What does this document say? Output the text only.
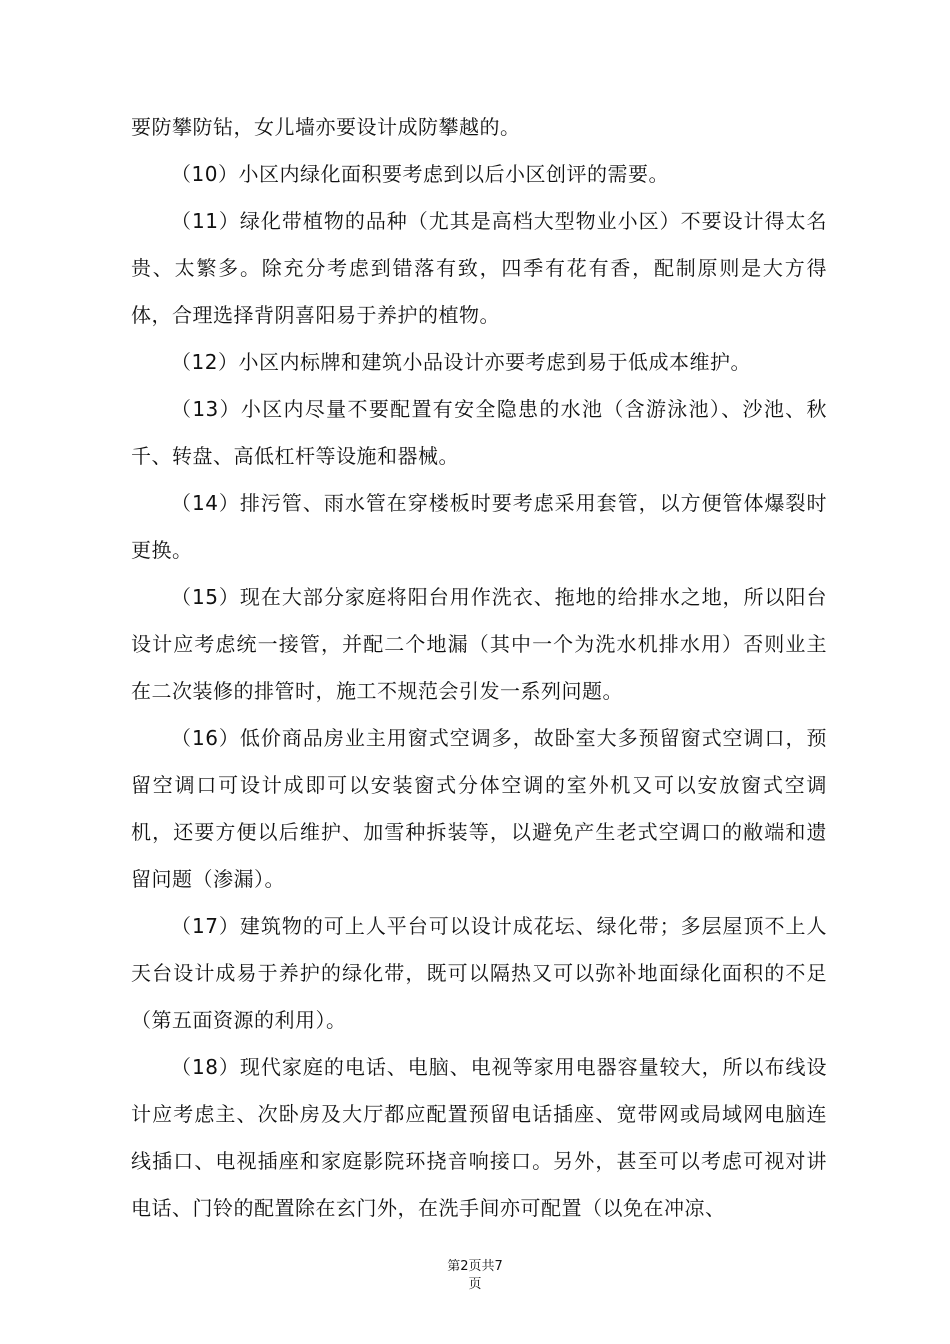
要防攀防钻，女儿墙亦要设计成防攀越的。

（10）小区内绿化面积要考虑到以后小区创评的需要。

（11）绿化带植物的品种（尤其是高档大型物业小区）不要设计得太名贵、太繁多。除充分考虑到错落有致，四季有花有香，配制原则是大方得体，合理选择背阴喜阳易于养护的植物。

（12）小区内标牌和建筑小品设计亦要考虑到易于低成本维护。

（13）小区内尽量不要配置有安全隐患的水池（含游泳池）、沙池、秋千、转盘、高低杠杆等设施和器械。

（14）排污管、雨水管在穿楼板时要考虑采用套管，以方便管体爆裂时更换。

（15）现在大部分家庭将阳台用作洗衣、拖地的给排水之地，所以阳台设计应考虑统一接管，并配二个地漏（其中一个为洗水机排水用）否则业主在二次装修的排管时，施工不规范会引发一系列问题。

（16）低价商品房业主用窗式空调多，故卧室大多预留窗式空调口，预留空调口可设计成即可以安装窗式分体空调的室外机又可以安放窗式空调机，还要方便以后维护、加雪种拆装等，以避免产生老式空调口的敝端和遗留问题（渗漏）。

（17）建筑物的可上人平台可以设计成花坛、绿化带；多层屋顶不上人天台设计成易于养护的绿化带，既可以隔热又可以弥补地面绿化面积的不足（第五面资源的利用）。

（18）现代家庭的电话、电脑、电视等家用电器容量较大，所以布线设计应考虑主、次卧房及大厅都应配置预留电话插座、宽带网或局域网电脑连线插口、电视插座和家庭影院环挠音响接口。另外，甚至可以考虑可视对讲电话、门铃的配置除在玄门外，在洗手间亦可配置（以免在冲凉、

第2页共7
页
